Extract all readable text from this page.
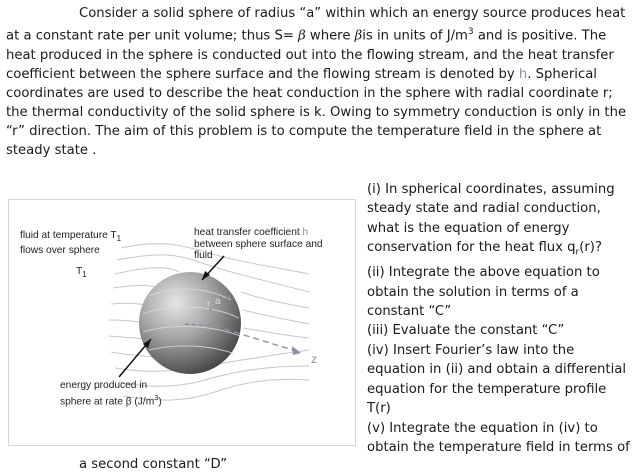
Consider a solid sphere of radius “a” within which an energy source produces heat at a constant rate per unit volume; thus S= β where βis in units of $J/m^3$ and is positive. The heat produced in the sphere is conducted out into the flowing stream, and the heat transfer coefficient between the sphere surface and the flowing stream is denoted by h. Spherical coordinates are used to describe the heat conduction in the sphere with radial coordinate r; the thermal conductivity of the solid sphere is k. Owing to symmetry conduction is only in the “r” direction. The aim of this problem is to compute the temperature field in the sphere at steady state .

z
r a

fluid at temperature $T_1$
flows over sphere

$T_1$

heat transfer coefficient h
between sphere surface and
fluid

energy produced in
sphere at rate β $(J/m^3)$

(i) In spherical coordinates, assuming steady state and radial conduction, what is the equation of energy conservation for the heat flux $q_r(r)$?

(ii) Integrate the above equation to obtain the solution in terms of a constant “C”

(iii) Evaluate the constant “C”

(iv) Insert Fourier’s law into the equation in (ii) and obtain a differential equation for the temperature profile T(r)

(v) Integrate the equation in (iv) to obtain the temperature field in terms of

a second constant “D”
